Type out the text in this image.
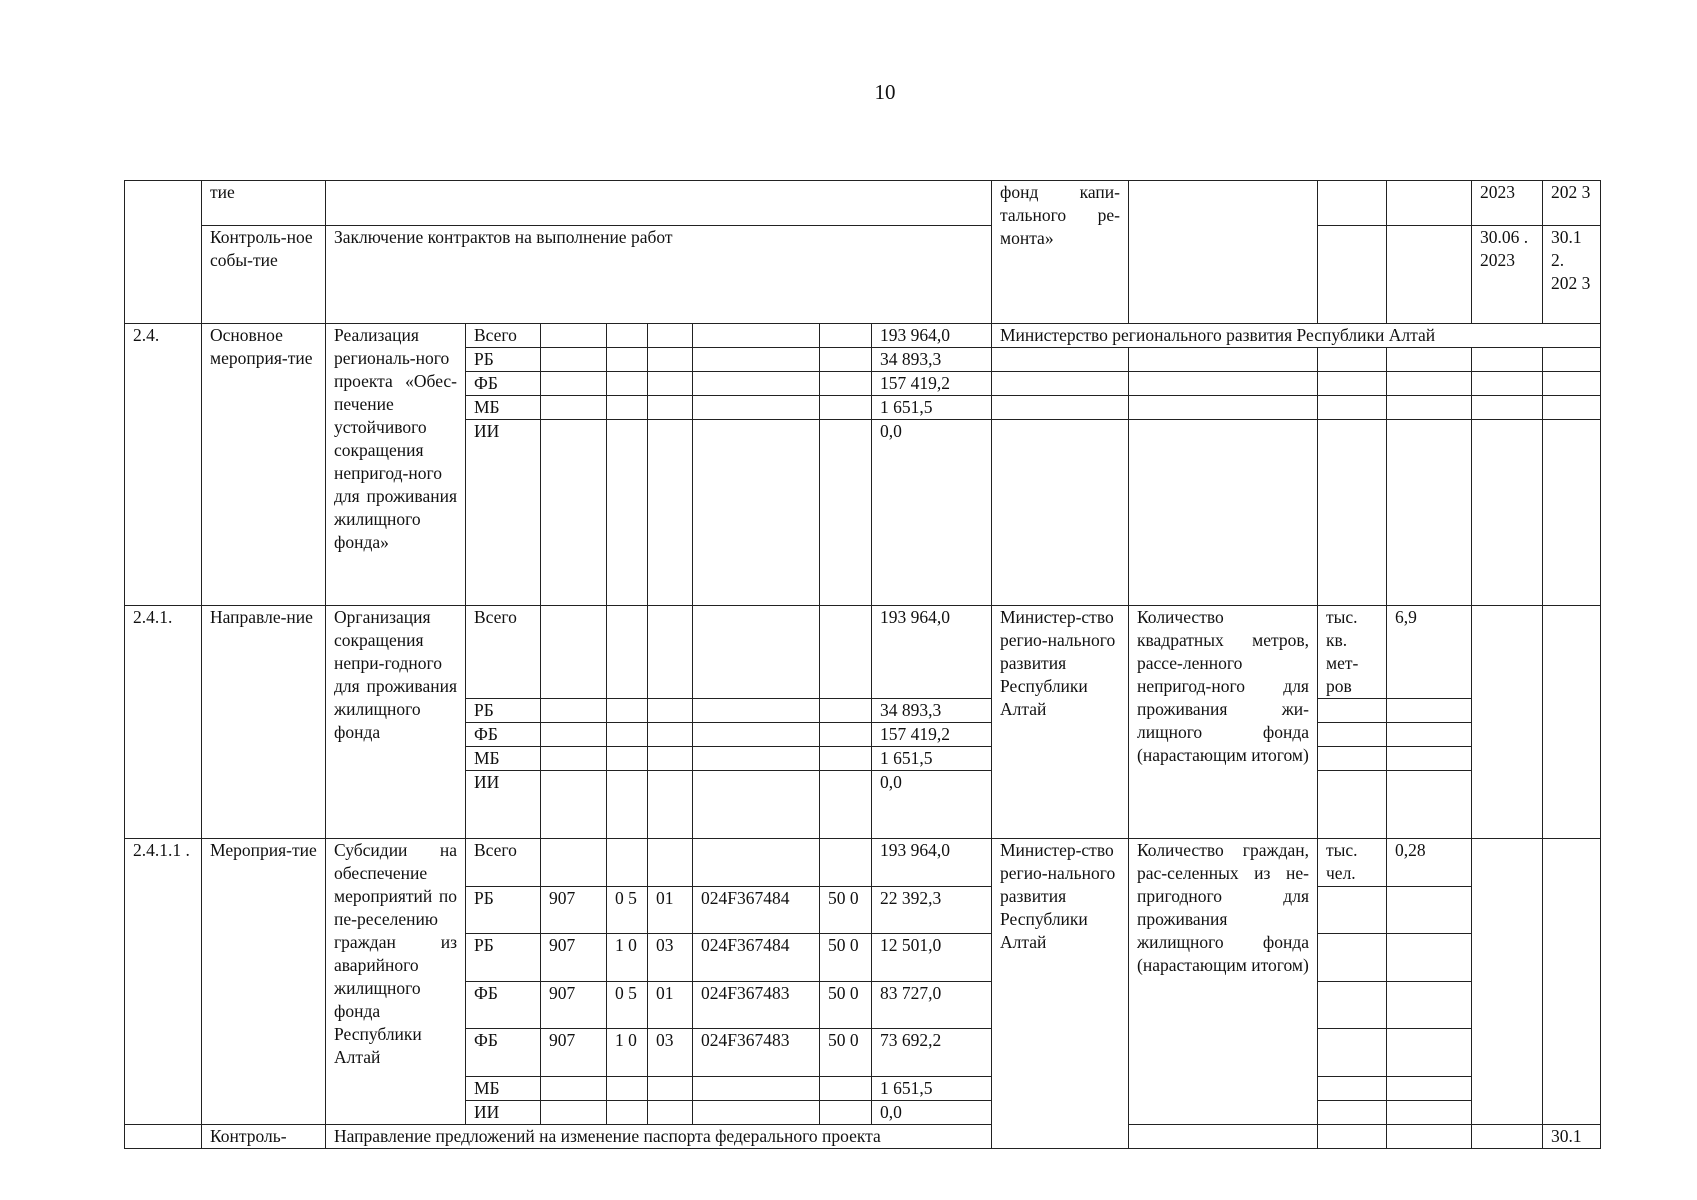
10
	тие									фонд капи-тального ре-монта»				2023	202 3
	Контроль-ное собы-тие	Заключение контрактов на выполнение работ												30.06 . 2023	30.1 2. 202 3
2.4.	Основное мероприя-тие	Реализация региональ-ного проекта «Обес-печение устойчивого сокращения непригод-ного для проживания жилищного фонда»	Всего						193 964,0	Министерство регионального развития Республики Алтай					
			РБ						34 893,3						
			ФБ						157 419,2						
			МБ						1 651,5						
			ИИ						0,0						
2.4.1.	Направле-ние	Организация сокращения непри-годного для проживания жилищного фонда	Всего						193 964,0	Министер-ство регио-нального развития Республики Алтай	Количество квадратных метров, рассе-ленного непригод-ного для проживания жи-лищного фонда (нарастающим итогом)	тыс. кв. мет-ров	6,9		
			РБ						34 893,3						
			ФБ						157 419,2						
			МБ						1 651,5						
			ИИ						0,0						
2.4.1.1 .	Мероприя-тие	Субсидии на обеспечение мероприятий по пе-реселению граждан из аварийного жилищного фонда Республики Алтай	Всего						193 964,0	Министер-ство регио-нального развития Республики Алтай	Количество граждан, рас-селенных из не-пригодного для проживания жилищного фонда (нарастающим итогом)	тыс. чел.	0,28		
			РБ	907	0 5	01	024F367484	50 0	22 392,3						
			РБ	907	1 0	03	024F367484	50 0	12 501,0						
			ФБ	907	0 5	01	024F367483	50 0	83 727,0						
			ФБ	907	1 0	03	024F367483	50 0	73 692,2						
			МБ						1 651,5						
			ИИ						0,0						
	Контроль-	Направление предложений на изменение паспорта федерального проекта													30.1
